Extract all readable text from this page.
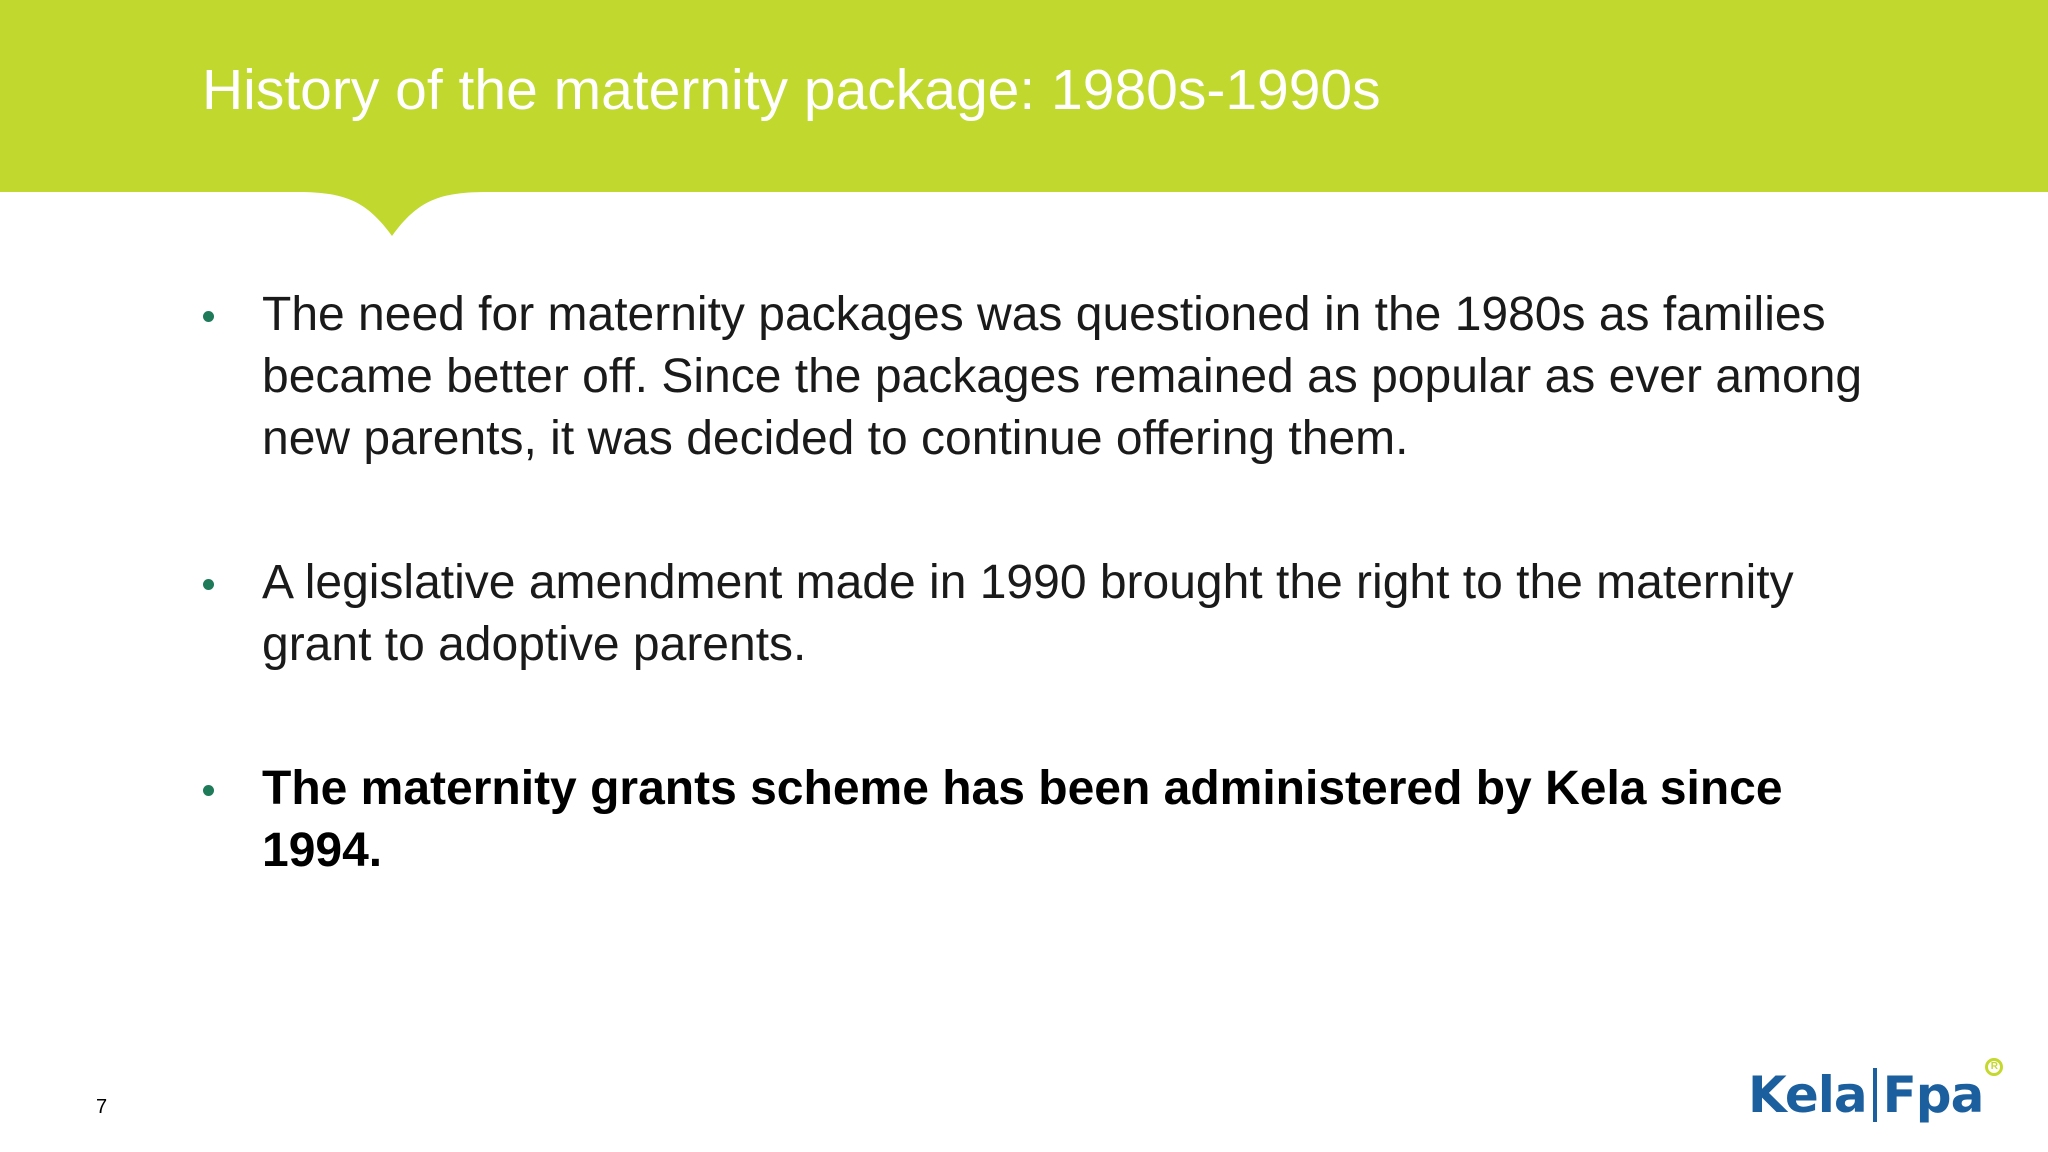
History of the maternity package: 1980s-1990s
The need for maternity packages was questioned in the 1980s as families became better off. Since the packages remained as popular as ever among new parents, it was decided to continue offering them.
A legislative amendment made in 1990 brought the right to the maternity grant to adoptive parents.
The maternity grants scheme has been administered by Kela since 1994.
7	Kela Fpa R
